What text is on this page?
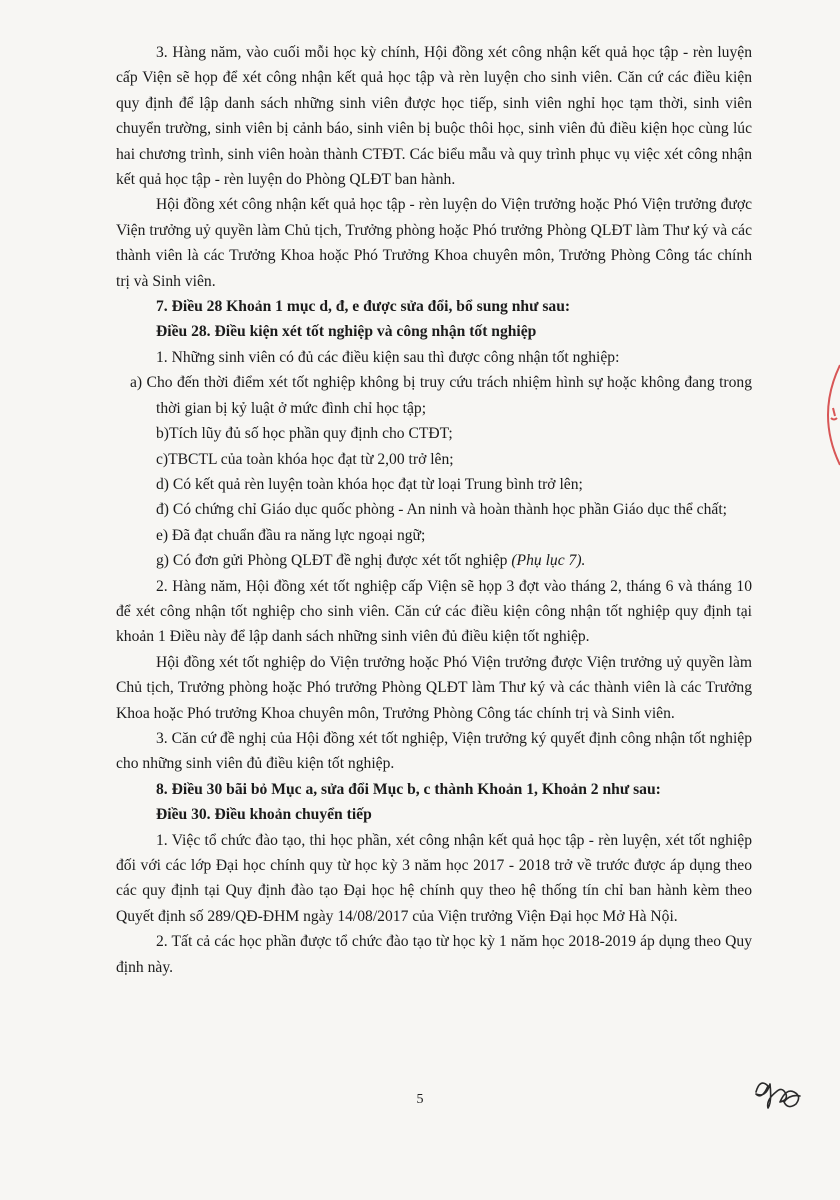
3. Hàng năm, vào cuối mỗi học kỳ chính, Hội đồng xét công nhận kết quả học tập - rèn luyện cấp Viện sẽ họp để xét công nhận kết quả học tập và rèn luyện cho sinh viên. Căn cứ các điều kiện quy định để lập danh sách những sinh viên được học tiếp, sinh viên nghỉ học tạm thời, sinh viên chuyển trường, sinh viên bị cảnh báo, sinh viên bị buộc thôi học, sinh viên đủ điều kiện học cùng lúc hai chương trình, sinh viên hoàn thành CTĐT. Các biểu mẫu và quy trình phục vụ việc xét công nhận kết quả học tập - rèn luyện do Phòng QLĐT ban hành.

Hội đồng xét công nhận kết quả học tập - rèn luyện do Viện trưởng hoặc Phó Viện trưởng được Viện trưởng uỷ quyền làm Chủ tịch, Trưởng phòng hoặc Phó trưởng Phòng QLĐT làm Thư ký và các thành viên là các Trưởng Khoa hoặc Phó Trưởng Khoa chuyên môn, Trưởng Phòng Công tác chính trị và Sinh viên.

7. Điều 28 Khoản 1 mục d, đ, e được sửa đổi, bổ sung như sau:

Điều 28. Điều kiện xét tốt nghiệp và công nhận tốt nghiệp

1. Những sinh viên có đủ các điều kiện sau thì được công nhận tốt nghiệp:

a) Cho đến thời điểm xét tốt nghiệp không bị truy cứu trách nhiệm hình sự hoặc không đang trong thời gian bị kỷ luật ở mức đình chỉ học tập;

b)Tích lũy đủ số học phần quy định cho CTĐT;

c)TBCTL của toàn khóa học đạt từ 2,00 trở lên;

d) Có kết quả rèn luyện toàn khóa học đạt từ loại Trung bình trở lên;

đ) Có chứng chỉ Giáo dục quốc phòng - An ninh và hoàn thành học phần Giáo dục thể chất;

e) Đã đạt chuẩn đầu ra năng lực ngoại ngữ;

g) Có đơn gửi Phòng QLĐT đề nghị được xét tốt nghiệp (Phụ lục 7).

2. Hàng năm, Hội đồng xét tốt nghiệp cấp Viện sẽ họp 3 đợt vào tháng 2, tháng 6 và tháng 10 để xét công nhận tốt nghiệp cho sinh viên. Căn cứ các điều kiện công nhận tốt nghiệp quy định tại khoản 1 Điều này để lập danh sách những sinh viên đủ điều kiện tốt nghiệp.

Hội đồng xét tốt nghiệp do Viện trưởng hoặc Phó Viện trưởng được Viện trưởng uỷ quyền làm Chủ tịch, Trưởng phòng hoặc Phó trưởng Phòng QLĐT làm Thư ký và các thành viên là các Trưởng Khoa hoặc Phó trưởng Khoa chuyên môn, Trưởng Phòng Công tác chính trị và Sinh viên.

3. Căn cứ đề nghị của Hội đồng xét tốt nghiệp, Viện trưởng ký quyết định công nhận tốt nghiệp cho những sinh viên đủ điều kiện tốt nghiệp.

8. Điều 30 bãi bỏ Mục a, sửa đổi Mục b, c thành Khoản 1, Khoản 2 như sau:

Điều 30. Điều khoản chuyển tiếp

1. Việc tổ chức đào tạo, thi học phần, xét công nhận kết quả học tập - rèn luyện, xét tốt nghiệp đối với các lớp Đại học chính quy từ học kỳ 3 năm học 2017 - 2018 trở về trước được áp dụng theo các quy định tại Quy định đào tạo Đại học hệ chính quy theo hệ thống tín chỉ ban hành kèm theo Quyết định số 289/QĐ-ĐHM ngày 14/08/2017 của Viện trưởng Viện Đại học Mở Hà Nội.

2. Tất cả các học phần được tổ chức đào tạo từ học kỳ 1 năm học 2018-2019 áp dụng theo Quy định này.

5
